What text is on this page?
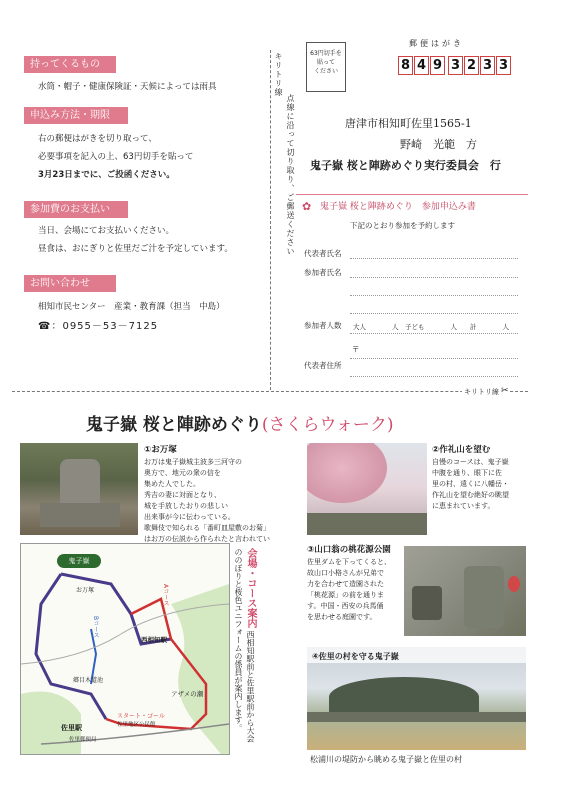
持ってくるもの
水筒・帽子・健康保険証・天候によっては雨具
申込み方法・期限
右の郵便はがきを切り取って、
必要事項を記入の上、63円切手を貼って
3月23日までに、ご投函ください。
参加費のお支払い
当日、会場にてお支払いください。
昼食は、おにぎりと佐里だご汁を予定しています。
お問い合わせ
相知市民センター　産業・教育課（担当　中島）
☎：0955－53－7125
キリトリ線
点線に沿って切り取り、ご郵送ください
キリトリ線 ✂
63円切手を
貼って
ください
郵便はがき
8 4 9 3 2 3 3
唐津市相知町佐里1565-1
野崎　光範　方
鬼子嶽 桜と陣跡めぐり実行委員会　行
✿ 鬼子嶽 桜と陣跡めぐり　参加申込み書
下記のとおり参加を予約します
代表者氏名
参加者氏名
参加者人数 大人　　　　人　子ども　　　　人　　計　　　　人
〒
代表者住所
鬼子嶽 桜と陣跡めぐり(さくらウォーク)
①お万塚
お万は鬼子嶽城主波多三河守の
奥方で、地元の衆の信を
集めた人でした。
秀吉の妻に対面となり、
城を手放したおりの悲しい
出来事が今に伝わっている。
歌舞伎で知られる「番町皿屋敷のお菊」
はお万の伝説から作られたと言われてい
②作礼山を望む
自慢のコースは、鬼子嶽
中腹を通り、眼下に佐
里の村、遠くに八幡岳・
作礼山を望む絶好の眺望
に恵まれています。
鬼子嶽
お万塚
Bコース
Aコース
西相知駅
郷目木道池
アザメの瀬
スタート・ゴール
佐里地区公民館
佐里駅
佐里郵便局
会場・コース案内 西相知駅前と佐里駅前から大会ののぼりと桜色ユニフォームの係員が案内します。	③山口翁の桃花源公園
佐里ダムを下ってくると、
故山口小格さんが兄弟で
力を合わせて造園された
「桃花源」の前を通りま
す。中国・西安の兵馬俑
を思わせる庭園です。
④佐里の村を守る鬼子嶽
松浦川の堤防から眺める鬼子嶽と佐里の村
